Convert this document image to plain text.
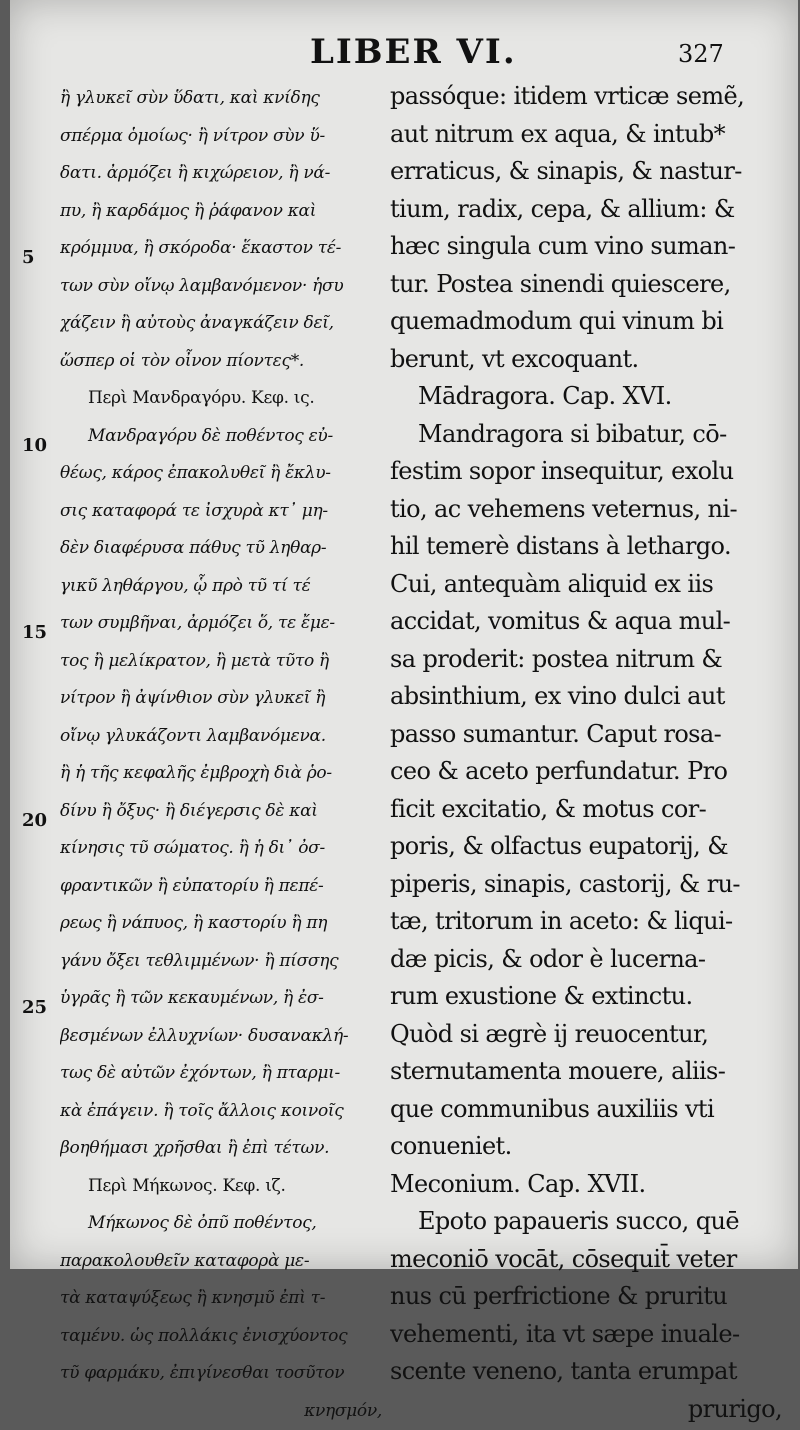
LIBER VI.	327
5
10
15
20
25
ἢ γλυκεῖ σὺν ὕδατι, καὶ κνίδης
σπέρμα ὁμοίως· ἢ νίτρον σὺν ὕ-
δατι. ἀρμόζει ἢ κιχώρειον, ἢ νά-
πυ, ἢ καρδάμος ἢ ῥάφανον καὶ
κρόμμυα, ἢ σκόροδα· ἕκαστον τέ-
των σὺν οἴνῳ λαμβανόμενον· ἡσυ
χάζειν ἢ αὐτοὺς ἀναγκάζειν δεῖ,
ὥσπερ οἱ τὸν οἶνον πίοντες*.
Περὶ Μανδραγόρυ. Κεφ. ις.
Μανδραγόρυ δὲ ποθέντος εὐ-
θέως, κάρος ἐπακολυθεῖ ἢ ἔκλυ-
σις καταφορά τε ἰσχυρὰ κτ᾽ μη-
δὲν διαφέρυσα πάθυς τῦ ληθαρ-
γικῦ ληθάργου, ᾧ πρὸ τῦ τί τέ
των συμβῆναι, ἀρμόζει ὅ, τε ἔμε-
τος ἢ μελίκρατον, ἢ μετὰ τῦτο ἢ
νίτρον ἢ ἀψίνθιον σὺν γλυκεῖ ἢ
οἴνῳ γλυκάζοντι λαμβανόμενα.
ἢ ἡ τῆς κεφαλῆς ἐμβροχὴ διὰ ῥο-
δίνυ ἢ ὄξυς· ἢ διέγερσις δὲ καὶ
κίνησις τῦ σώματος. ἢ ἡ δι᾽ ὀσ-
φραντικῶν ἢ εὐπατορίυ ἢ πεπέ-
ρεως ἢ νάπυος, ἢ καστορίυ ἢ πη
γάνυ ὄξει τεθλιμμένων· ἢ πίσσης
ὑγρᾶς ἢ τῶν κεκαυμένων, ἢ ἐσ-
βεσμένων ἐλλυχνίων· δυσανακλή-
τως δὲ αὐτῶν ἐχόντων, ἢ πταρμι-
κὰ ἐπάγειν. ἢ τοῖς ἄλλοις κοινοῖς
βοηθήμασι χρῆσθαι ἢ ἐπὶ τέτων.
Περὶ Μήκωνος. Κεφ. ιζ.
Μήκωνος δὲ ὀπῦ ποθέντος,
παρακολουθεῖν καταφορὰ με-
τὰ καταψύξεως ἢ κνησμῦ ἐπὶ τ-
ταμένυ. ὡς πολλάκις ἐνισχύοντος
τῦ φαρμάκυ, ἐπιγίνεσθαι τοσῦτον
κνησμόν,
passóque: itidem vrticæ semẽ,
aut nitrum ex aqua, & intub*
erraticus, & sinapis, & nastur-
tium, radix, cepa, & allium: &
hæc singula cum vino suman-
tur. Postea sinendi quiescere,
quemadmodum qui vinum bi
berunt, vt excoquant.
Mādragora. Cap. XVI.
Mandragora si bibatur, cō-
festim sopor insequitur, exolu
tio, ac vehemens veternus, ni-
hil temerè distans à lethargo.
Cui, antequàm aliquid ex iis
accidat, vomitus & aqua mul-
sa proderit: postea nitrum &
absinthium, ex vino dulci aut
passo sumantur. Caput rosa-
ceo & aceto perfundatur. Pro
ficit excitatio, & motus cor-
poris, & olfactus eupatorij, &
piperis, sinapis, castorij, & ru-
tæ, tritorum in aceto: & liqui-
dæ picis, & odor è lucerna-
rum exustione & extinctu.
Quòd si ægrè ij reuocentur,
sternutamenta mouere, aliis-
que communibus auxiliis vti
conueniet.
Meconium. Cap. XVII.
Epoto papaueris succo, quē
meconiō vocāt, cōsequit̄ veter
nus cū perfrictione & pruritu
vehementi, ita vt sæpe inuale-
scente veneno, tanta erumpat
prurigo,
